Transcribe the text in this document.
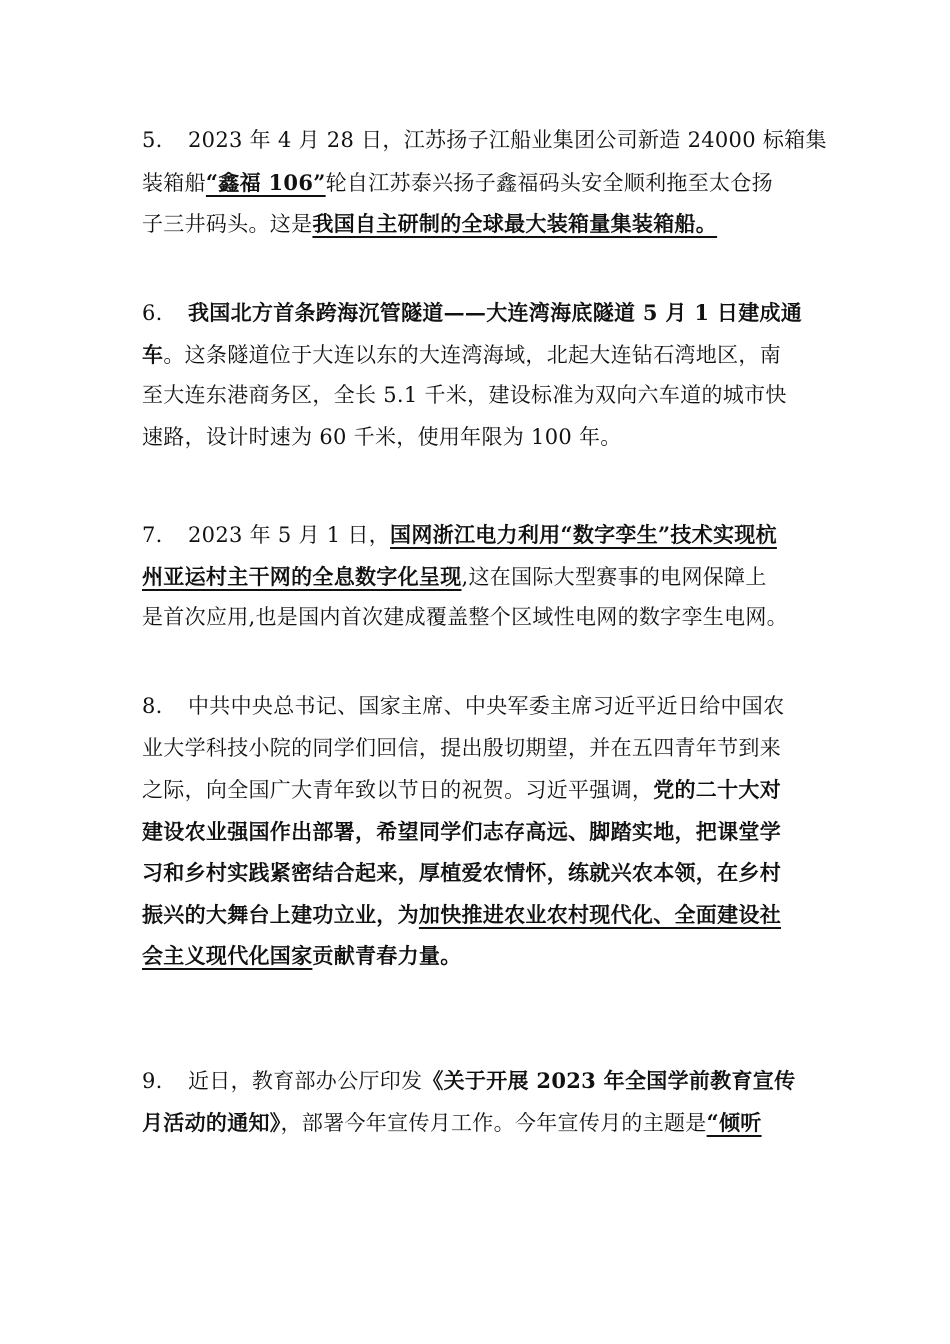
5. 2023 年 4 月 28 日，江苏扬子江船业集团公司新造 24000 标箱集
装箱船“鑫福 106”轮自江苏泰兴扬子鑫福码头安全顺利拖至太仓扬
子三井码头。这是我国自主研制的全球最大装箱量集装箱船。
6. 我国北方首条跨海沉管隧道——大连湾海底隧道 5 月 1 日建成通
车。这条隧道位于大连以东的大连湾海域，北起大连钻石湾地区，南
至大连东港商务区，全长 5.1 千米，建设标准为双向六车道的城市快
速路，设计时速为 60 千米，使用年限为 100 年。
7. 2023 年 5 月 1 日，国网浙江电力利用“数字孪生”技术实现杭
州亚运村主干网的全息数字化呈现,这在国际大型赛事的电网保障上
是首次应用,也是国内首次建成覆盖整个区域性电网的数字孪生电网。
8. 中共中央总书记、国家主席、中央军委主席习近平近日给中国农
业大学科技小院的同学们回信，提出殷切期望，并在五四青年节到来
之际，向全国广大青年致以节日的祝贺。习近平强调，党的二十大对
建设农业强国作出部署，希望同学们志存高远、脚踏实地，把课堂学
习和乡村实践紧密结合起来，厚植爱农情怀，练就兴农本领，在乡村
振兴的大舞台上建功立业，为加快推进农业农村现代化、全面建设社
会主义现代化国家贡献青春力量。
9. 近日，教育部办公厅印发《关于开展 2023 年全国学前教育宣传
月活动的通知》，部署今年宣传月工作。今年宣传月的主题是“倾听
